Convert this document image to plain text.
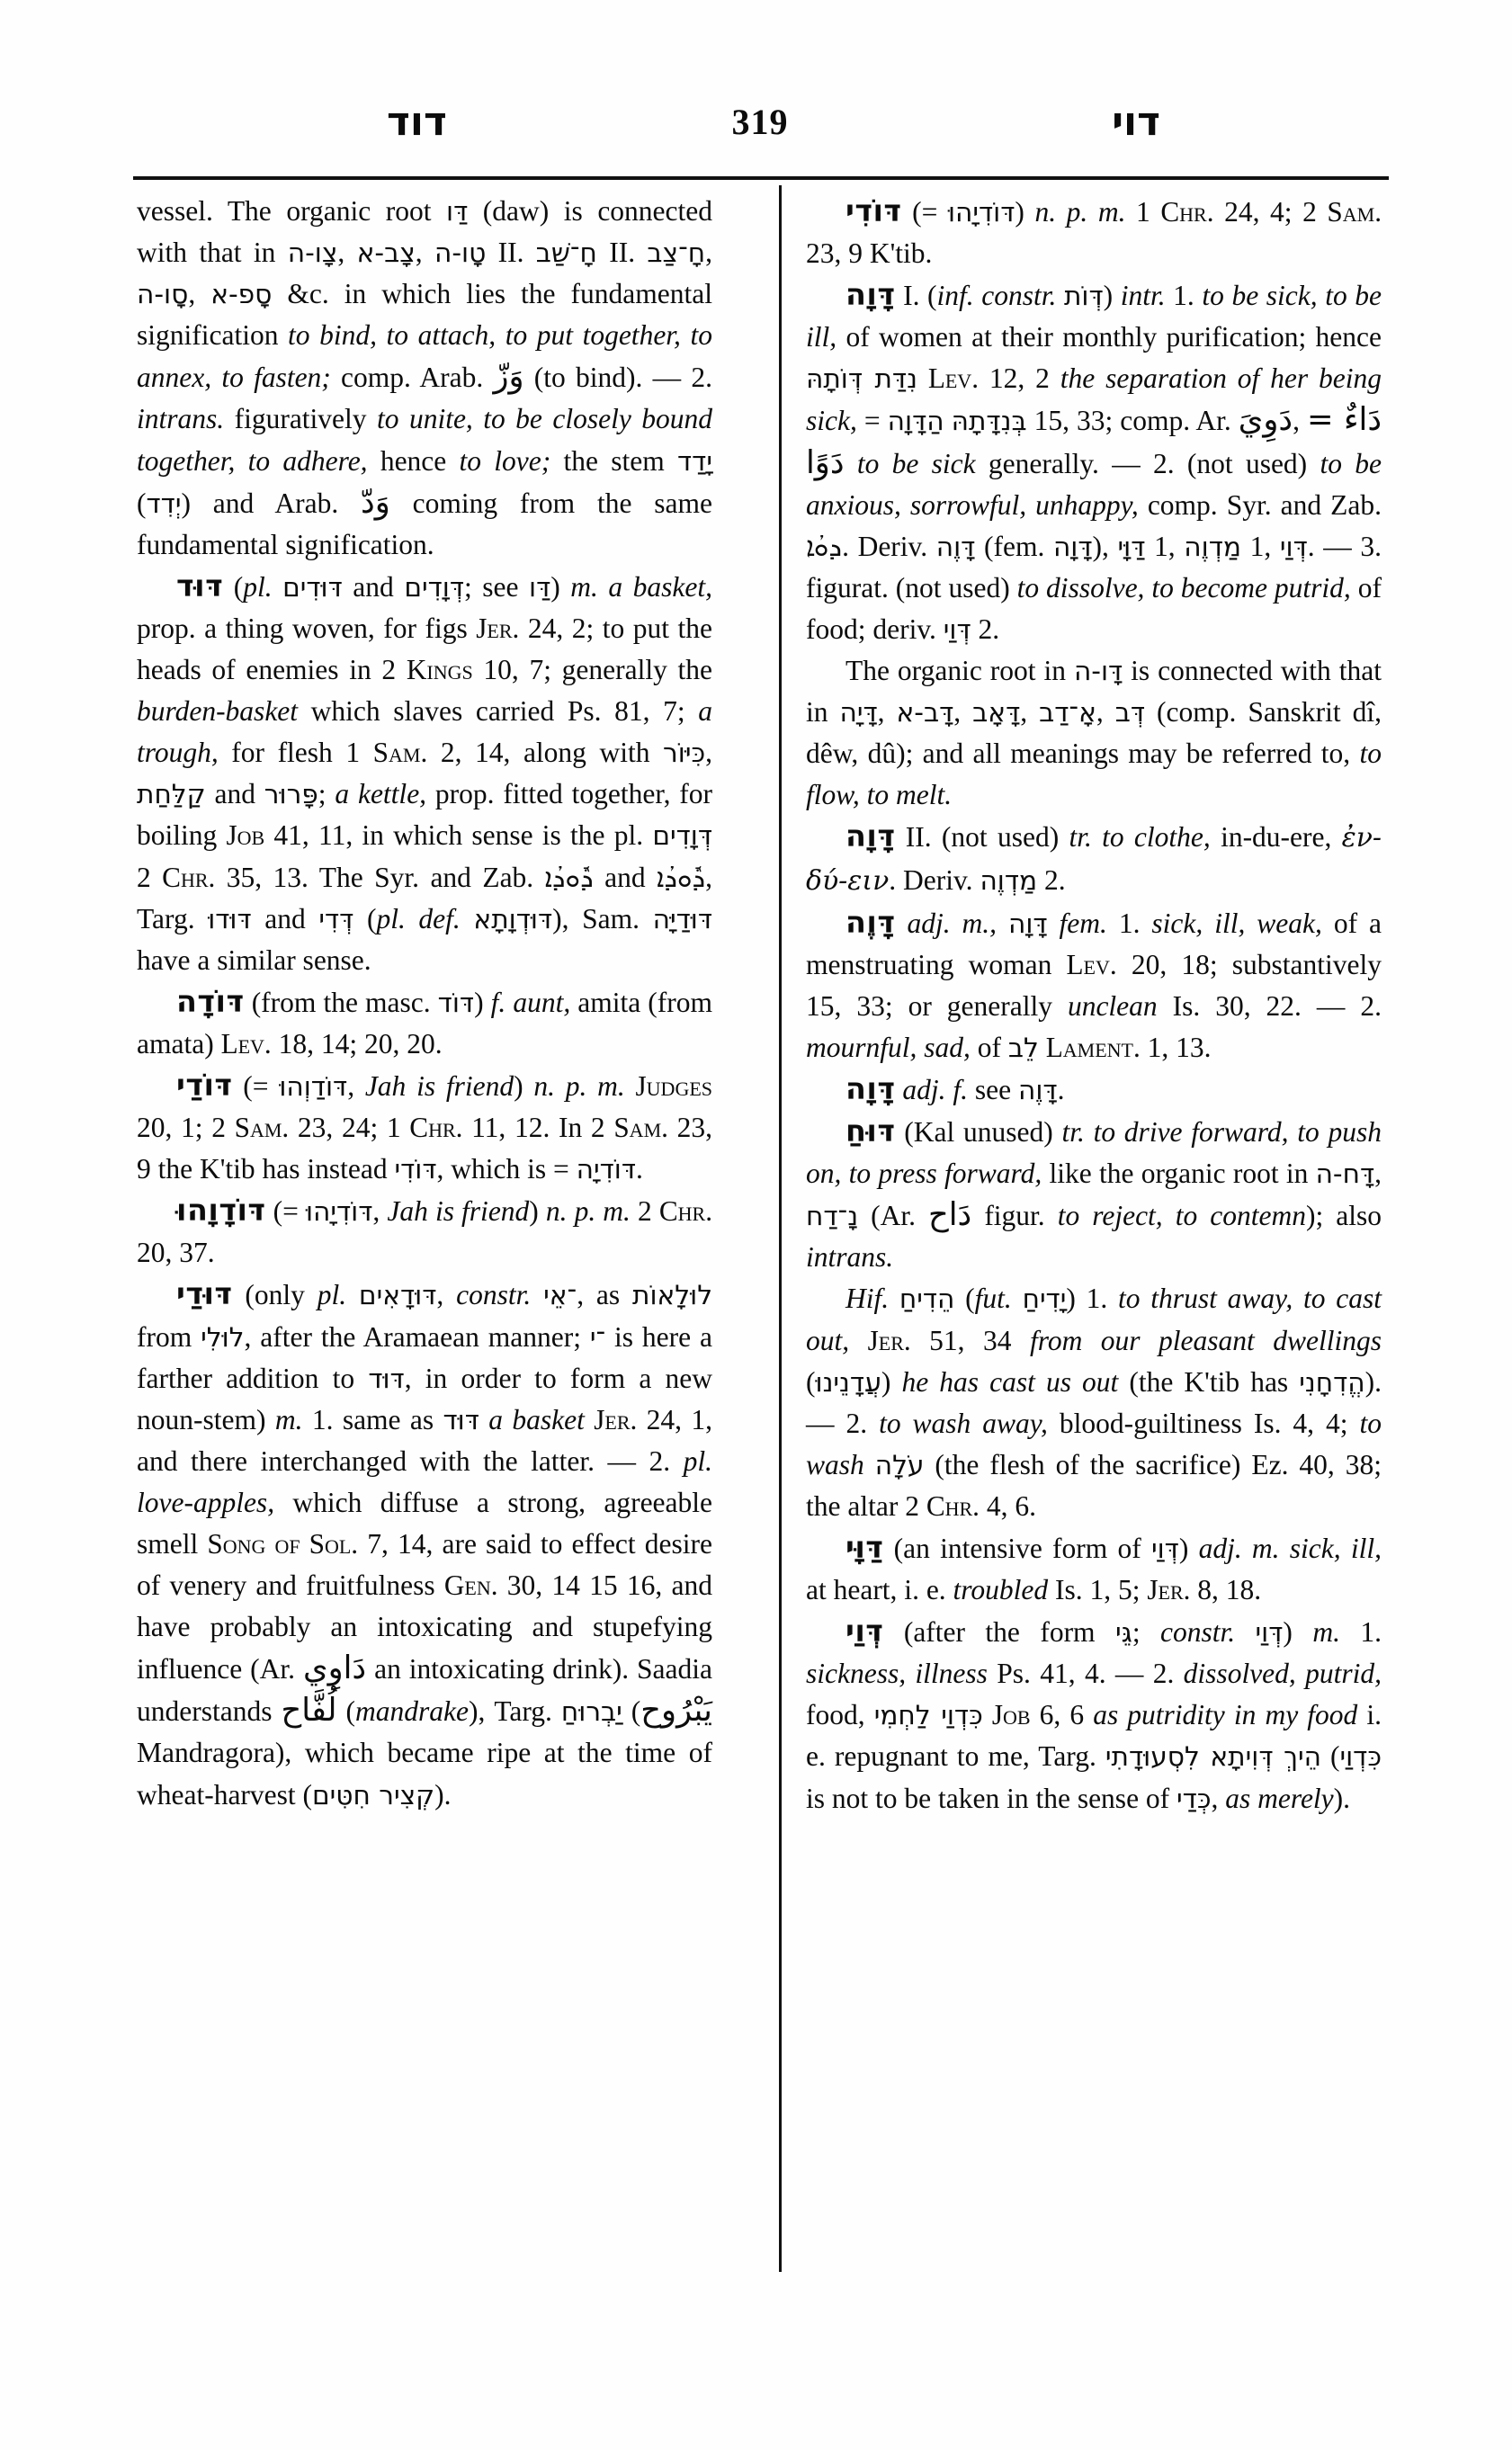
דוד	319	דוי

vessel. The organic root דַּו (daw) is connected with that in צָו‑ה, צָב‑א, טָו‑ה II. חָ־שַׁב II. חָ־צַב, סָו‑ה, סָפ‑א &c. in which lies the fundamental signification to bind, to attach, to put together, to annex, to fasten; comp. Arab. وَزّ (to bind). — 2. intrans. figuratively to unite, to be closely bound together, to adhere, hence to love; the stem יָדַד (יְדִד) and Arab. وَدّ coming from the same fundamental signification.

דּוּד (pl. דּוּדִים and דְּוָדִים; see דַּו) m. a basket, prop. a thing woven, for figs Jer. 24, 2; to put the heads of enemies in 2 Kings 10, 7; generally the burden-basket which slaves carried Ps. 81, 7; a trough, for flesh 1 Sam. 2, 14, along with כִּיּוֹר, קַלַּחַת and פָּרוּר; a kettle, prop. fitted together, for boiling Job 41, 11, in which sense is the pl. דְּוָדִים 2 Chr. 35, 13. The Syr. and Zab. ܕܽܘܕܳܐ and ܕܽܘܕܳܐ, Targ. דּוּדוּ and דְּדִי (pl. def. דּוּדְוָתָא), Sam. דּוּדַיָּה have a similar sense.

דּוֹדָה (from the masc. דּוֹד) f. aunt, amita (from amata) Lev. 18, 14; 20, 20.

דּוֹדַי (= דּוֹדַוְהוּ, Jah is friend) n. p. m. Judges 20, 1; 2 Sam. 23, 24; 1 Chr. 11, 12. In 2 Sam. 23, 9 the K'tib has instead דּוֹדִי, which is = דּוֹדִיָה.

דּוֹדָוָהוּ (= דּוֹדִיָהוּ, Jah is friend) n. p. m. 2 Chr. 20, 37.

דּוּדַי (only pl. דּוּדָאִים, constr. ־אֵי, as לוּלָאוֹת from לוּלִי, after the Aramaean manner; ־י is here a farther addition to דּוּד, in order to form a new noun-stem) m. 1. same as דּוּד a basket Jer. 24, 1, and there interchanged with the latter. — 2. pl. love-apples, which diffuse a strong, agreeable smell Song of Sol. 7, 14, are said to effect desire of venery and fruitfulness Gen. 30, 14 15 16, and have probably an intoxicating and stupefying influence (Ar. دَاوِي an intoxicating drink). Saadia understands لُفَّاح (mandrake), Targ. יַבְרוּחַ (يَبْرُوح Mandragora), which became ripe at the time of wheat-harvest (קְצִיר חִטִּים).

דּוֹדִי (= דּוֹדִיָהוּ) n. p. m. 1 Chr. 24, 4; 2 Sam. 23, 9 K'tib.

דָּוָה I. (inf. constr. דְּוֹת) intr. 1. to be sick, to be ill, of women at their monthly purification; hence נִדַּת דְּוֹתָהּ Lev. 12, 2 the separation of her being sick, = הַדָּוָה בְּנִדָּתָהּ 15, 33; comp. Ar. دَوِيَ, دَاءٌ = دَوًا to be sick generally. — 2. (not used) to be anxious, sorrowful, unhappy, comp. Syr. and Zab. ܕܘܳܐ. Deriv. דָּוֶה (fem. דָּוָה), דַּוָּי 1, מַדְוֶה 1, דְּוַי. — 3. figurat. (not used) to dissolve, to become putrid, of food; deriv. דְּוַי 2.

The organic root in דָּו‑ה is connected with that in דָּיָה, דָּב‑א, דָּאָב, אָ־דַב, דְּב (comp. Sanskrit dî, dêw, dû); and all meanings may be referred to, to flow, to melt.

דָּוָה II. (not used) tr. to clothe, in-du-ere, ἐν-δύ-ειν. Deriv. מַדְוֶה 2.

דָּוֶה adj. m., דָּוָה fem. 1. sick, ill, weak, of a menstruating woman Lev. 20, 18; substantively 15, 33; or generally unclean Is. 30, 22. — 2. mournful, sad, of לֵב Lament. 1, 13.

דָּוָה adj. f. see דָּוֶה.

דּוּחַ (Kal unused) tr. to drive forward, to push on, to press forward, like the organic root in דָּח‑ה, נָ־דַח (Ar. دَاح figur. to reject, to contemn); also intrans.

Hif. הֵדִיחַ (fut. יָדִיחַ) 1. to thrust away, to cast out, Jer. 51, 34 from our pleasant dwellings (עֲדָנֵינוּ) he has cast us out (the K'tib has הֱדִחָנִי). — 2. to wash away, blood-guiltiness Is. 4, 4; to wash עֹלָה (the flesh of the sacrifice) Ez. 40, 38; the altar 2 Chr. 4, 6.

דַּוָּי (an intensive form of דְּוַי) adj. m. sick, ill, at heart, i. e. troubled Is. 1, 5; Jer. 8, 18.

דְּוַי (after the form גֵּי; constr. דְּוַי) m. 1. sickness, illness Ps. 41, 4. — 2. dissolved, putrid, food, כִּדְוַי לַחְמִי Job 6, 6 as putridity in my food i. e. repugnant to me, Targ. הֵיךְ דְּוִיתָא לִסְעוּדָתִי (כִּדְוַי is not to be taken in the sense of כְּדַי, as merely).
